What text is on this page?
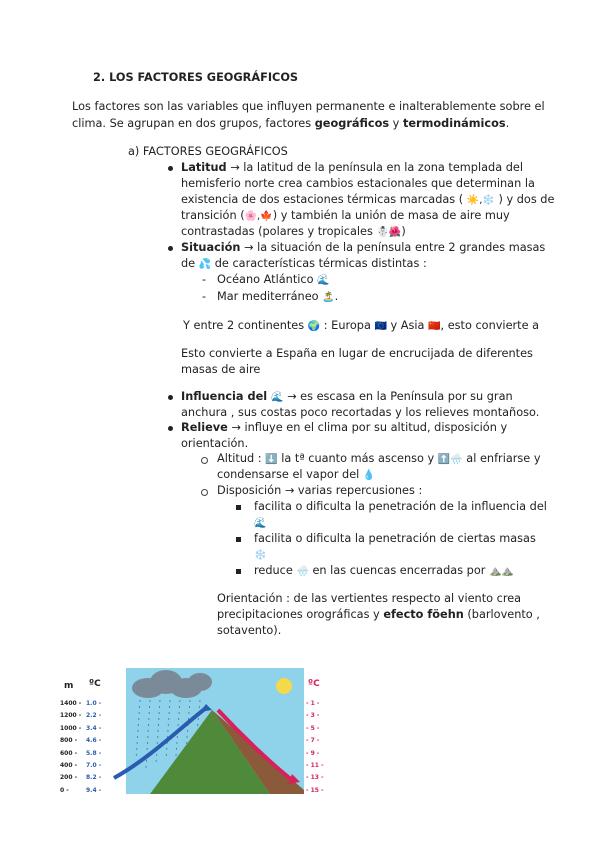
2. LOS FACTORES GEOGRÁFICOS
Los factores son las variables que influyen permanente e inalterablemente sobre el
clima. Se agrupan en dos grupos, factores geográficos y termodinámicos.
a) FACTORES GEOGRÁFICOS
Latitud → la latitud de la península en la zona templada del
hemisferio norte crea cambios estacionales que determinan la
existencia de dos estaciones térmicas marcadas ( ☀️,❄️ ) y dos de
transición (🌸,🍁) y también la unión de masa de aire muy
contrastadas (polares y tropicales ☃️🌺)
Situación → la situación de la península entre 2 grandes masas
de 💦 de características térmicas distintas :
- Océano Atlántico 🌊
- Mar mediterráneo 🏝️.
Y entre 2 continentes 🌍 : Europa 🇪🇺 y Asia 🇨🇳, esto convierte a
Esto convierte a España en lugar de encrucijada de diferentes
masas de aire
Influencia del 🌊 → es escasa en la Península por su gran
anchura , sus costas poco recortadas y los relieves montañoso.
Relieve → influye en el clima por su altitud, disposición y
orientación.
Altitud : ⬇️ la tª cuanto más ascenso y ⬆️🌧️ al enfriarse y
condensarse el vapor del 💧
Disposición → varias repercusiones :
facilita o dificulta la penetración de la influencia del
🌊
facilita o dificulta la penetración de ciertas masas
❄️
reduce 🌧️ en las cuencas encerradas por ⛰️⛰️
Orientación : de las vertientes respecto al viento crea
precipitaciones orográficas y efecto föehn (barlovento ,
sotavento).
m ºC	ºC
1400 -
1200 -
1000 -
800 -
600 -
400 -
200 -
0 -
1.0 -
2.2 -
3.4 -
4.6 -
5.8 -
7.0 -
8.2 -
9.4 -
- 1 -
- 3 -
- 5 -
- 7 -
- 9 -
- 11 -
- 13 -
- 15 -
